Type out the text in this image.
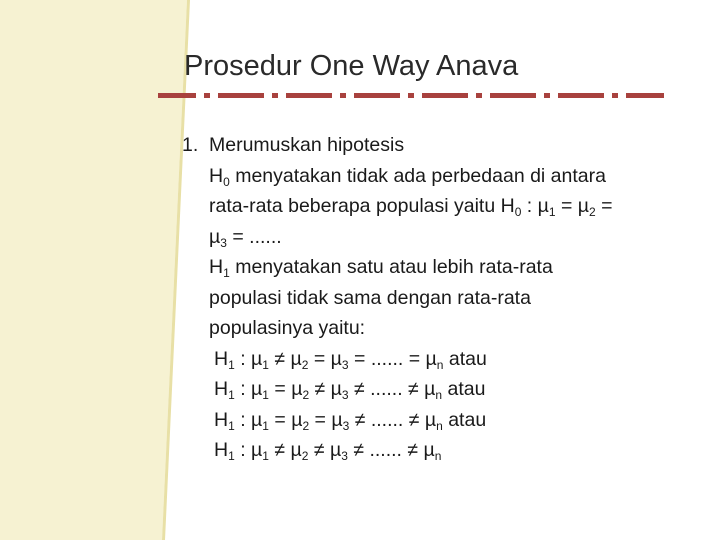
Prosedur One Way Anava
1. Merumuskan hipotesis
$H_0$ menyatakan tidak ada perbedaan di antara
rata-rata beberapa populasi yaitu $H_0$ : µ$_1$ = µ$_2$ =
µ$_3$ = ......
$H_1$ menyatakan satu atau lebih rata-rata
populasi tidak sama dengan rata-rata
populasinya yaitu:
$H_1$ : µ$_1$ ≠ µ$_2$ = µ$_3$ = ...... = µ$_n$ atau
$H_1$ : µ$_1$ = µ$_2$ ≠ µ$_3$ ≠ ...... ≠ µ$_n$ atau
$H_1$ : µ$_1$ = µ$_2$ = µ$_3$ ≠ ...... ≠ µ$_n$ atau
$H_1$ : µ$_1$ ≠ µ$_2$ ≠ µ$_3$ ≠ ...... ≠ µ$_n$
